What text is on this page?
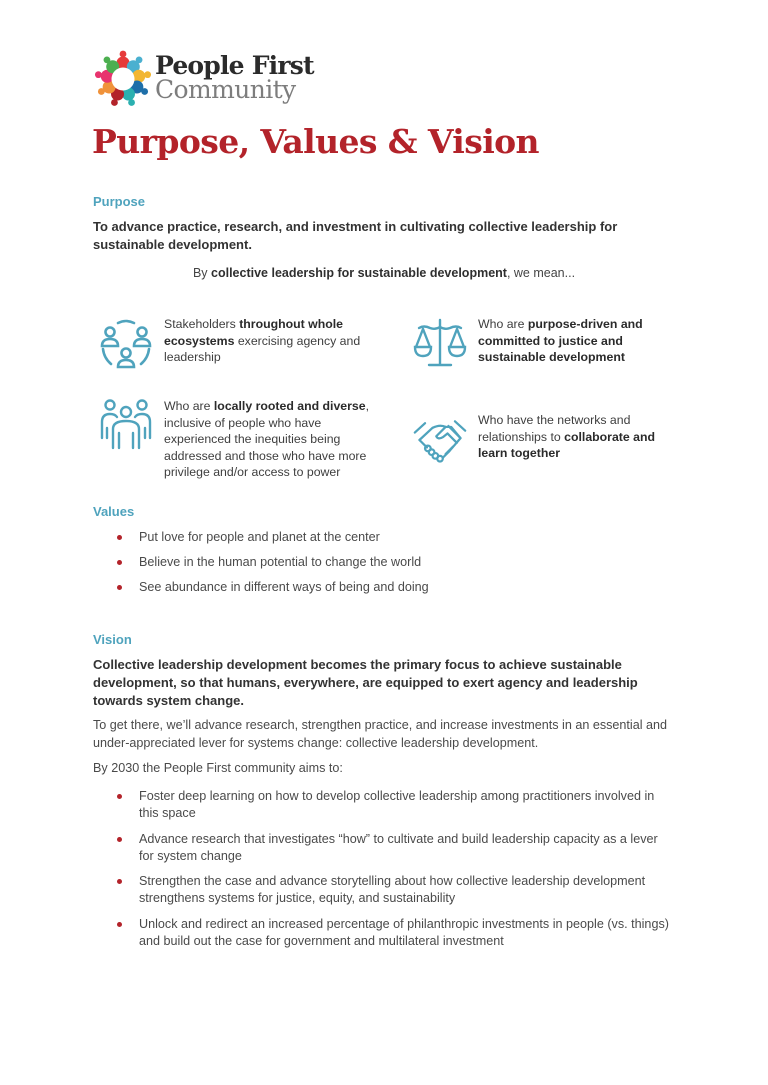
People First
Community
Purpose, Values & Vision
Purpose

To advance practice, research, and investment in cultivating collective leadership for sustainable development.

By collective leadership for sustainable development, we mean...
Stakeholders throughout whole ecosystems exercising agency and leadership
Who are purpose-driven and committed to justice and sustainable development
Who are locally rooted and diverse, inclusive of people who have experienced the inequities being addressed and those who have more privilege and/or access to power
Who have the networks and relationships to collaborate and learn together
Values
Put love for people and planet at the center
Believe in the human potential to change the world
See abundance in different ways of being and doing
Vision

Collective leadership development becomes the primary focus to achieve sustainable development, so that humans, everywhere, are equipped to exert agency and leadership towards system change.

To get there, we’ll advance research, strengthen practice, and increase investments in an essential and under-appreciated lever for systems change: collective leadership development.

By 2030 the People First community aims to:

Foster deep learning on how to develop collective leadership among practitioners involved in this space
Advance research that investigates “how” to cultivate and build leadership capacity as a lever for system change
Strengthen the case and advance storytelling about how collective leadership development strengthens systems for justice, equity, and sustainability
Unlock and redirect an increased percentage of philanthropic investments in people (vs. things) and build out the case for government and multilateral investment
